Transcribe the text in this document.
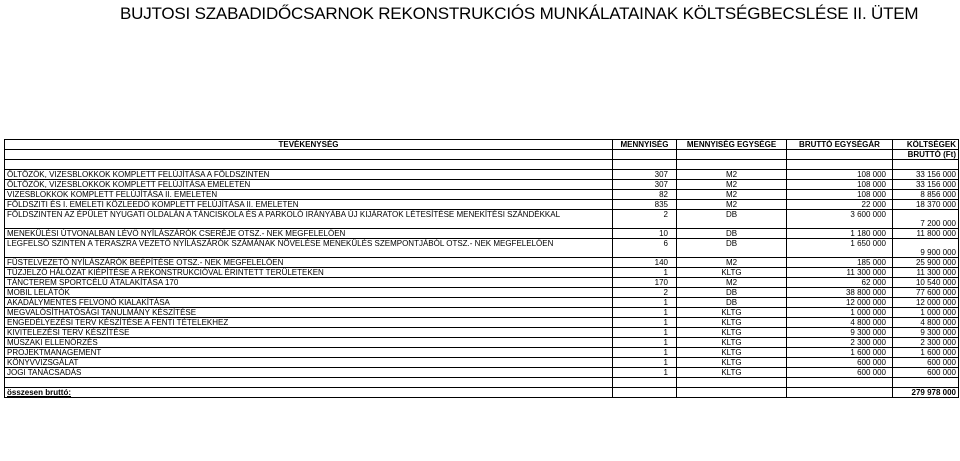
BUJTOSI SZABADIDŐCSARNOK REKONSTRUKCIÓS MUNKÁLATAINAK KÖLTSÉGBECSLÉSE II. ÜTEM
TEVÉKENYSÉG	MENNYISÉG	MENNYISÉG EGYSÉGE	BRUTTÓ EGYSÉGÁR	KÖLTSÉGEK
				BRUTTÓ (Ft)

ÖLTÖZŐK, VIZESBLOKKOK KOMPLETT FELÚJÍTÁSA A FÖLDSZINTEN	307	M2	108 000	33 156 000
ÖLTÖZŐK, VIZESBLOKKOK KOMPLETT FELÚJÍTÁSA EMELETEN	307	M2	108 000	33 156 000
VIZESBLOKKOK KOMPLETT FELÚJÍTÁSA II. EMELETEN	82	M2	108 000	8 856 000
FÖLDSZITI ÉS I. EMELETI KÖZLEEDŐ KOMPLETT FELÚJÍTÁSA II. EMELETEN	835	M2	22 000	18 370 000
FÖLDSZINTEN AZ ÉPÜLET NYUGATI OLDALÁN A TÁNCISKOLA ÉS A PARKOLÓ IRÁNYÁBA ÚJ KIJÁRATOK LÉTESÍTÉSE MENEKÍTÉSI SZÁNDÉKKAL	2	DB	3 600 000	7 200 000
MENEKÜLÉSI ÚTVONALBAN LÉVŐ NYÍLÁSZÁRÓK CSERÉJE OTSZ.- NEK MEGFELELŐEN	10	DB	1 180 000	11 800 000
LEGFELSŐ SZINTEN A TERASZRA VEZETŐ NYÍLÁSZÁRÓK SZÁMÁNAK NÖVELÉSE MENEKÜLÉS SZEMPONTJÁBÓL OTSZ.- NEK MEGFELELŐEN	6	DB	1 650 000	9 900 000
FÜSTELVEZETŐ NYÍLÁSZÁRÓK BEÉPÍTÉSE OTSZ.- NEK MEGFELELŐEN	140	M2	185 000	25 900 000
TŰZJELZŐ HÁLÓZAT KIÉPÍTÉSE A REKONSTRUKCIÓVAL ÉRINTETT TERÜLETEKEN	1	KLTG	11 300 000	11 300 000
TÁNCTEREM SPORTCÉLÚ ÁTALAKÍTÁSA 170	170	M2	62 000	10 540 000
MOBIL LELÁTÓK	2	DB	38 800 000	77 600 000
AKADÁLYMENTES FELVONÓ KIALAKÍTÁSA	1	DB	12 000 000	12 000 000
MEGVALÓSÍTHATÓSÁGI TANULMÁNY KÉSZÍTÉSE	1	KLTG	1 000 000	1 000 000
ENGEDÉLYEZÉSI TERV KÉSZÍTÉSE A FENTI TÉTELEKHEZ	1	KLTG	4 800 000	4 800 000
KIVITELEZÉSI TERV KÉSZÍTÉSE	1	KLTG	9 300 000	9 300 000
MŰSZAKI ELLENŐRZÉS	1	KLTG	2 300 000	2 300 000
PROJEKTMANAGEMENT	1	KLTG	1 600 000	1 600 000
KÖNYVVIZSGÁLAT	1	KLTG	600 000	600 000
JOGI TANÁCSADÁS	1	KLTG	600 000	600 000

összesen bruttó:				279 978 000
